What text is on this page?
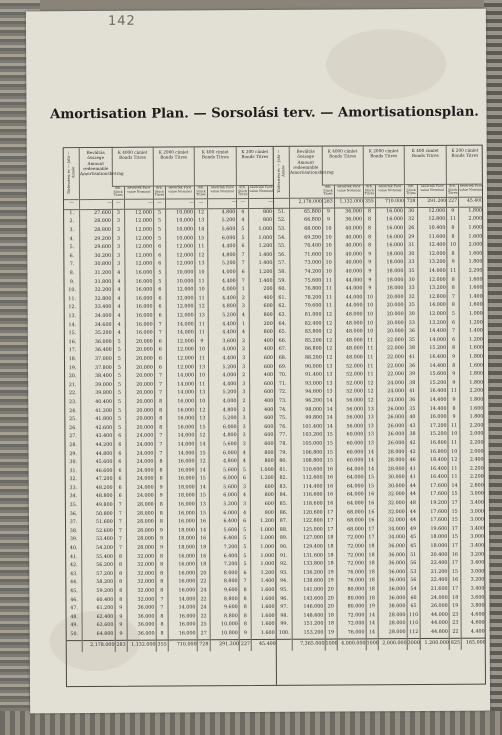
142
Amortisation Plan. — Sorsolási terv. — Amortisationsplan.
Törlesztési év — Jahr — Année	Beváltás összege Amount redeemable Amortisationsbetrag	K 4000 címlet Bonds Titres		K 2000 címlet Bonds Titres		K 400 címlet Bonds Titres		K 200 címlet Bonds Titres	
		drb. Stück Titres	névérték Face value Nominal	drb. Stück Titres	névérték Face value Nominal	drb. Stück Titres	névérték Face value Nominal	drb. Stück Titres	névérték Face value Nominal
—	—	—	—	—	—	—	—	—	—
1.	27.600	3	12.000	5	10.000	12	4.800	4	800
2.	28.000	3	12.000	5	10.000	13	5.200	4	800
3.	28.800	3	12.000	5	10.000	14	5.600	5	1.000
4.	29.200	3	12.000	5	10.000	15	6.000	5	1.000
5.	29.600	3	12.000	6	12.000	11	4.400	6	1.200
6.	30.200	3	12.000	6	12.000	12	4.800	7	1.400
7.	30.800	3	12.000	6	12.000	13	5.200	7	1.400
8.	31.200	4	16.000	5	10.000	10	4.000	6	1.200
9.	31.800	4	16.000	5	10.000	11	4.400	7	1.400
10.	32.200	4	16.000	6	12.000	10	4.000	1	200
11.	32.800	4	16.000	6	12.000	11	4.400	2	400
12.	33.400	4	16.000	6	12.000	12	4.800	3	600
13.	34.000	4	16.000	6	12.000	13	5.200	4	800
14.	34.600	4	16.000	7	14.000	11	4.400	1	200
15.	35.200	4	16.000	7	14.000	11	4.400	4	800
16.	36.000	5	20.000	6	12.000	9	3.600	2	400
17.	36.400	5	20.000	6	12.000	10	4.000	2	400
18.	37.000	5	20.000	6	12.000	11	4.400	3	600
19.	37.800	5	20.000	6	12.000	13	5.200	3	600
20.	38.400	5	20.000	7	14.000	10	4.000	2	400
21.	39.000	5	20.000	7	14.000	11	4.400	3	600
22.	39.800	5	20.000	7	14.000	13	5.200	3	600
23.	40.400	5	20.000	8	16.000	10	4.000	2	400
24.	41.200	5	20.000	8	16.000	12	4.800	2	400
25.	41.800	5	20.000	8	16.000	13	5.200	3	600
26.	42.600	5	20.000	8	16.000	15	6.000	3	600
27.	43.400	6	24.000	7	14.000	12	4.800	3	600
28.	44.200	6	24.000	7	14.000	14	5.600	3	600
29.	44.800	6	24.000	7	14.000	15	6.000	4	800
30.	45.600	6	24.000	8	16.000	12	4.800	4	800
31.	46.600	6	24.000	8	16.000	14	5.600	5	1.000
32.	47.200	6	24.000	8	16.000	15	6.000	6	1.200
33.	48.200	6	24.000	9	18.000	14	5.600	3	600
34.	48.800	6	24.000	9	18.000	15	6.000	4	800
35.	49.800	7	28.000	8	16.000	13	5.200	3	600
36.	50.800	7	28.000	8	16.000	15	6.000	4	800
37.	51.600	7	28.000	8	16.000	16	6.400	6	1.200
38.	52.600	7	28.000	9	18.000	14	5.600	5	1.000
39.	53.400	7	28.000	9	18.000	16	6.400	5	1.000
40.	54.200	7	28.000	9	18.000	18	7.200	5	1.000
41.	55.400	8	32.000	8	16.000	16	6.400	5	1.000
42.	56.200	8	32.000	8	16.000	18	7.200	5	1.000
43.	57.200	8	32.000	8	16.000	20	8.000	6	1.200
44.	58.200	8	32.000	8	16.000	22	8.800	7	1.400
45.	59.200	8	32.000	8	16.000	24	9.600	8	1.600
46.	60.400	8	32.000	7	14.000	22	8.800	8	1.600
47.	61.200	9	36.000	7	14.000	24	9.600	8	1.600
48.	62.400	9	36.000	8	16.000	22	8.800	8	1.600
49.	63.600	9	36.000	8	16.000	25	10.000	8	1.600
50.	64.800	9	36.000	8	16.000	27	10.800	9	1.600
	2,178.000	283	1,132.000	355	710.000	728	291.200	227	45.400
Törlesztési év — Jahr — Année	Beváltás összege Amount redeemable Amortisationsbetrag	K 4000 címlet Bonds Titres		K 2000 címlet Bonds Titres		K 400 címlet Bonds Titres		K 200 címlet Bonds Titres	
		drb. Stück Titres	névérték Face value Nominal	drb. Stück Titres	névérték Face value Nominal	drb. Stück Titres	névérték Face value Nominal	drb. Stück Titres	névérték Face value Nominal
	2,178.000	283	1,132.000	355	710.000	728	291.200	227	45.400
51.	65.800	9	36.000	8	16.000	30	12.000	9	1.800
52.	66.800	9	36.000	8	16.000	32	12.800	11	2.000
53.	68.000	10	40.000	8	16.000	26	10.400	8	1.600
54.	69.200	10	40.000	8	16.000	29	11.600	8	1.600
55.	70.400	10	40.000	8	16.000	31	12.400	10	2.000
56.	71.600	10	40.000	9	18.000	30	12.000	8	1.600
57.	73.000	10	40.000	9	18.000	33	13.200	9	1.800
58.	74.200	10	40.000	9	18.000	35	14.000	11	2.200
59.	75.600	11	44.000	9	18.000	30	12.000	8	1.600
60.	76.800	11	44.000	9	18.000	33	13.200	8	1.600
61.	78.200	11	44.000	10	20.000	32	12.800	7	1.400
62.	79.600	11	44.000	10	20.000	35	14.000	8	1.600
63.	81.000	12	48.000	10	20.000	30	12.000	5	1.000
64.	82.400	12	48.000	10	20.000	33	13.200	6	1.200
65.	83.800	12	48.000	10	20.000	36	14.400	7	1.400
66.	85.200	12	48.000	11	22.000	35	14.000	6	1.200
67.	86.800	12	48.000	11	22.000	38	15.200	8	1.600
68.	88.200	12	48.000	11	22.000	41	16.400	9	1.800
69.	90.000	13	52.000	11	22.000	36	14.400	8	1.600
70.	91.400	13	52.000	11	22.000	39	15.600	9	1.800
71.	93.000	13	52.000	12	24.000	38	15.200	9	1.800
72.	94.600	13	52.000	12	24.000	41	16.400	11	2.200
73.	96.200	14	56.000	12	24.000	36	14.400	9	1.800
74.	98.000	14	56.000	13	26.000	35	14.400	8	1.600
75.	99.800	14	56.000	13	26.000	40	16.000	9	1.800
76.	101.400	14	56.000	13	26.000	43	17.200	11	2.200
77.	103.200	15	60.000	13	26.000	38	15.200	10	2.000
78.	105.000	15	60.000	13	26.000	42	16.800	11	2.200
79.	106.800	15	60.000	14	28.000	42	16.800	10	2.000
80.	108.800	15	60.000	14	28.000	46	18.400	12	2.400
81.	110.600	16	64.000	14	28.000	41	16.400	11	2.200
82.	112.600	16	64.000	15	30.000	41	16.400	11	2.200
83.	114.400	16	64.000	15	30.000	44	17.600	14	2.800
84.	116.600	16	64.000	16	32.000	44	17.600	15	3.000
85.	118.600	16	64.000	16	32.000	48	19.200	17	3.400
86.	120.600	17	68.000	16	32.000	44	17.600	15	3.000
87.	122.800	17	68.000	16	32.000	44	17.600	15	3.000
88.	125.000	17	68.000	17	34.000	49	19.600	17	3.400
89.	127.000	18	72.000	17	34.000	45	18.000	15	3.000
90.	129.400	18	72.000	18	36.000	45	18.000	17	3.400
91.	131.600	18	72.000	18	36.000	51	20.400	16	3.200
92.	133.800	18	72.000	18	36.000	56	22.400	17	3.400
93.	136.200	19	76.000	18	36.000	53	21.200	15	3.000
94.	138.600	19	76.000	18	36.000	56	22.400	16	3.200
95.	141.000	20	80.000	18	36.000	54	21.600	17	3.400
96.	143.600	20	80.000	18	36.000	60	24.000	18	3.600
97.	146.000	20	80.000	19	38.000	65	26.000	19	3.800
98.	148.600	18	72.000	14	28.000	110	44.000	23	4.600
99.	151.200	18	72.000	14	28.000	110	44.000	23	4.600
100.	153.200	19	76.000	14	28.000	112	44.800	22	4.400
	7,365.000	1000	4,000.000	1000	2,000.000	3000	1,200.000	825	165.000
